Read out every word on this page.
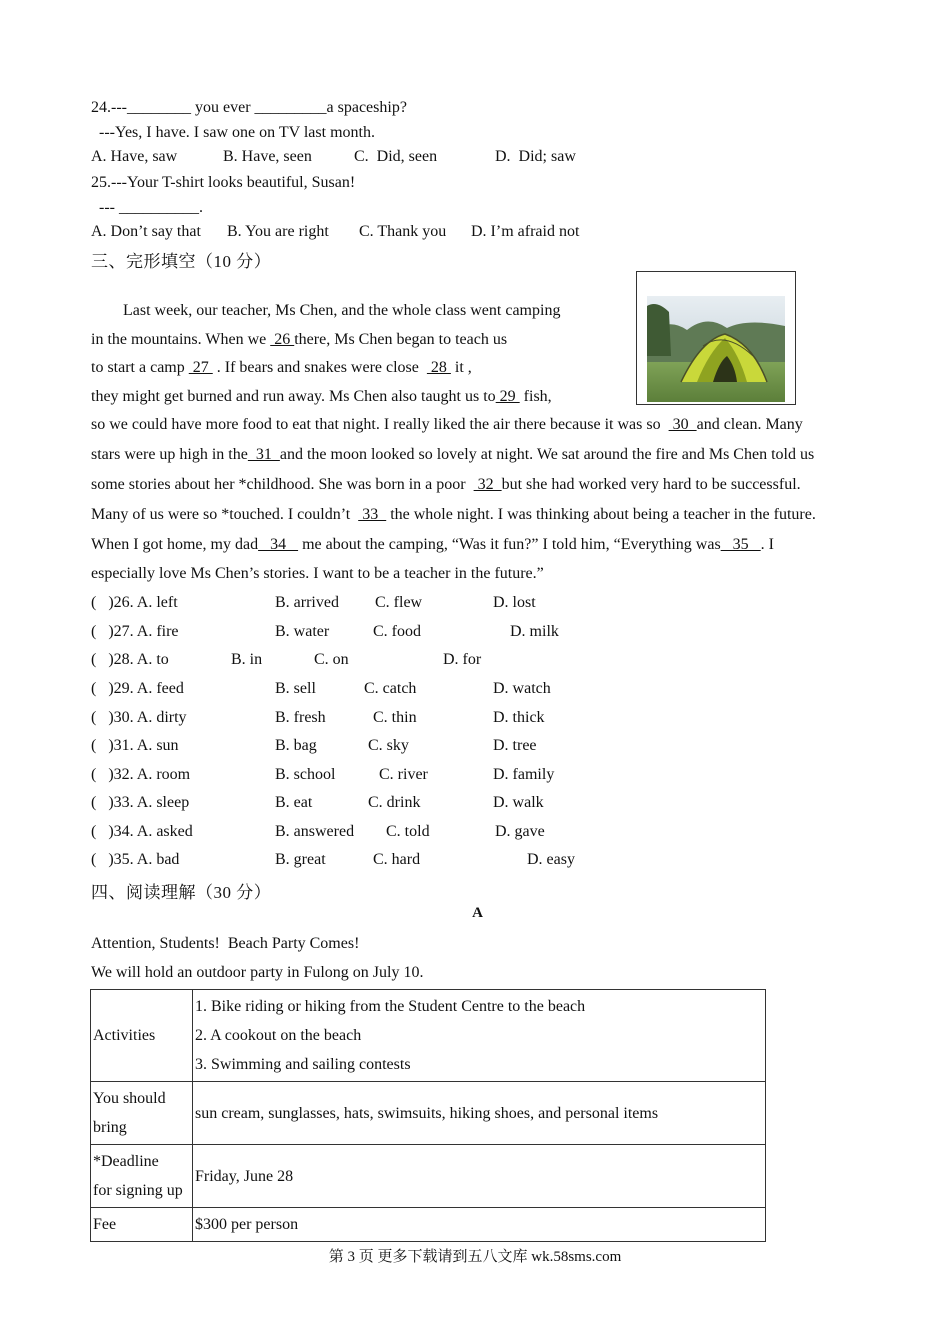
24.---________ you ever _________a spaceship?
---Yes, I have. I saw one on TV last month.
A. Have, saw	B. Have, seen	C.  Did, seen	D.  Did; saw
25.---Your T-shirt looks beautiful, Susan!
--- __________.
A. Don’t say that B. You are right C. Thank you D. I’m afraid not
三、完形填空（10 分）
Last week, our teacher, Ms Chen, and the whole class went camping
in the mountains. When we  26 there, Ms Chen began to teach us
to start a camp  27  . If bears and snakes were close   28  it ,
they might get burned and run away. Ms Chen also taught us to 29  fish,
so we could have more food to eat that night. I really liked the air there because it was so   30  and clean. Many
stars were up high in the  31  and the moon looked so lovely at night. We sat around the fire and Ms Chen told us
some stories about her *childhood. She was born in a poor   32  but she had worked very hard to be successful.
Many of us were so *touched. I couldn’t   33   the whole night. I was thinking about being a teacher in the future.
When I got home, my dad   34    me about the camping, “Was it fun?” I told him, “Everything was   35   . I
especially love Ms Chen’s stories. I want to be a teacher in the future.”
(   )26. A. left	B. arrived C. flew	D. lost
(   )27. A. fire	B. water	C. food	D. milk
(   )28. A. to	B. in	C. on	D. for
(   )29. A. feed	B. sell	C. catch	D. watch
(   )30. A. dirty	B. fresh	C. thin	D. thick
(   )31. A. sun	B. bag	C. sky	D. tree
(   )32. A. room	B. school	C. river	D. family
(   )33. A. sleep	B. eat	C. drink	D. walk
(   )34. A. asked	B. answered C. told	D. gave
(   )35. A. bad	B. great	C. hard	D. easy
四、阅读理解（30 分）
A
Attention, Students!  Beach Party Comes!
We will hold an outdoor party in Fulong on July 10.
Activities	1. Bike riding or hiking from the Student Centre to the beach
2. A cookout on the beach
3. Swimming and sailing contests

You should
bring	sun cream, sunglasses, hats, swimsuits, hiking shoes, and personal items

*Deadline
for signing up	Friday, June 28
Fee	$300 per person
第 3 页 更多下载请到五八文库 wk.58sms.com
